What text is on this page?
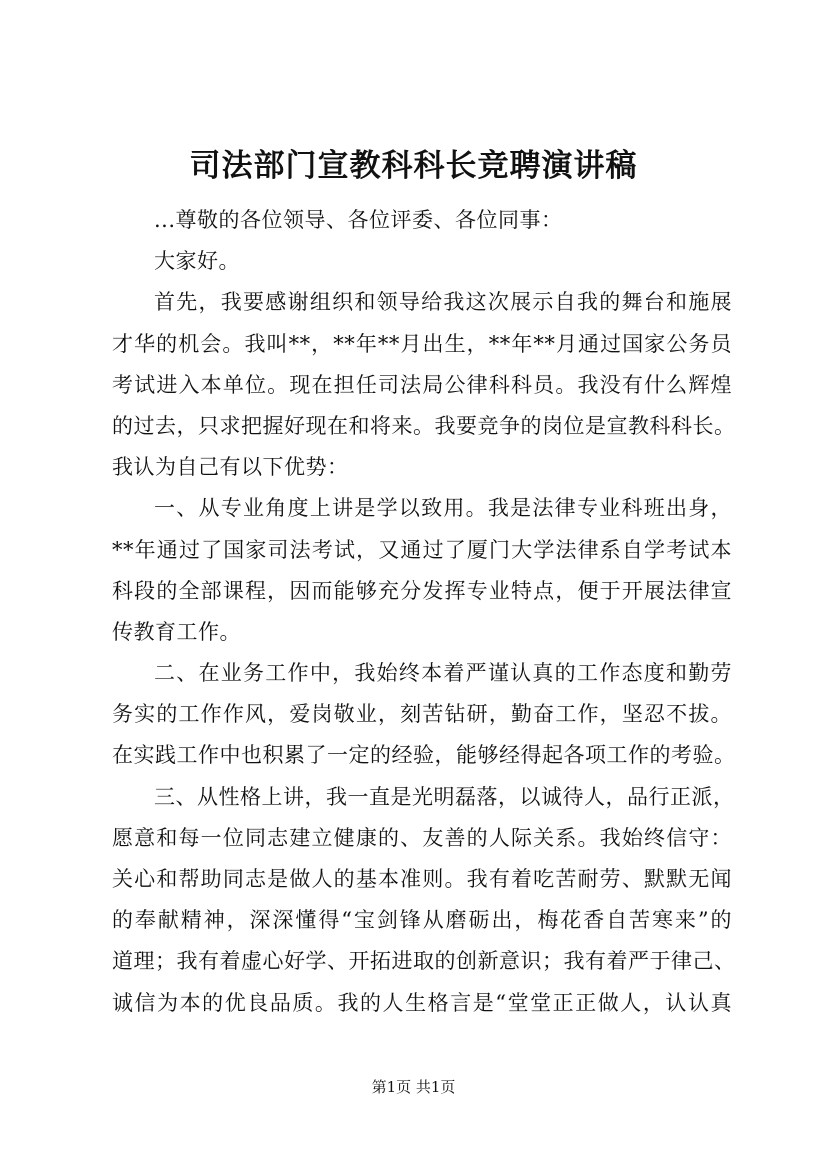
司法部门宣教科科长竞聘演讲稿
...尊敬的各位领导、各位评委、各位同事：
大家好。
首先，我要感谢组织和领导给我这次展示自我的舞台和施展
才华的机会。我叫**，**年**月出生，**年**月通过国家公务员
考试进入本单位。现在担任司法局公律科科员。我没有什么辉煌
的过去，只求把握好现在和将来。我要竞争的岗位是宣教科科长。
我认为自己有以下优势：
一、从专业角度上讲是学以致用。我是法律专业科班出身，
**年通过了国家司法考试，又通过了厦门大学法律系自学考试本
科段的全部课程，因而能够充分发挥专业特点，便于开展法律宣
传教育工作。
二、在业务工作中，我始终本着严谨认真的工作态度和勤劳
务实的工作作风，爱岗敬业，刻苦钻研，勤奋工作，坚忍不拔。
在实践工作中也积累了一定的经验，能够经得起各项工作的考验。
三、从性格上讲，我一直是光明磊落，以诚待人，品行正派，
愿意和每一位同志建立健康的、友善的人际关系。我始终信守：
关心和帮助同志是做人的基本准则。我有着吃苦耐劳、默默无闻
的奉献精神，深深懂得“宝剑锋从磨砺出，梅花香自苦寒来”的
道理；我有着虚心好学、开拓进取的创新意识；我有着严于律己、
诚信为本的优良品质。我的人生格言是“堂堂正正做人，认认真
第1页 共1页
